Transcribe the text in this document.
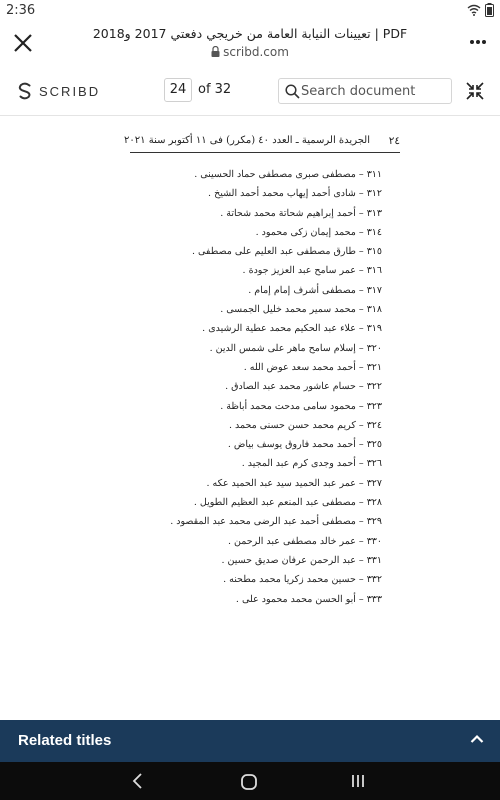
2:36
تعيينات النيابة العامة من خريجي دفعتي 2017 و2018 | PDF
scribd.com
SCRIBD	24 of 32
Search document
الجريدة الرسمية ـ العدد ٤٠ (مكرر) فى ١١ أكتوبر سنة ٢٠٢١ ٢٤
٣١١ – مصطفى صبرى مصطفى حماد الحسينى .
٣١٢ – شادى أحمد إيهاب محمد أحمد الشيخ .
٣١٣ – أحمد إبراهيم شحاتة محمد شحاتة .
٣١٤ – محمد إيمان زكى محمود .
٣١٥ – طارق مصطفى عبد العليم على مصطفى .
٣١٦ – عمر سامح عبد العزيز جودة .
٣١٧ – مصطفى أشرف إمام إمام .
٣١٨ – محمد سمير محمد خليل الجمسى .
٣١٩ – علاء عبد الحكيم محمد عطية الرشيدى .
٣٢٠ – إسلام سامح ماهر على شمس الدين .
٣٢١ – أحمد محمد سعد عوض الله .
٣٢٢ – حسام عاشور محمد عبد الصادق .
٣٢٣ – محمود سامى مدحت محمد أباظة .
٣٢٤ – كريم محمد حسن حسنى محمد .
٣٢٥ – أحمد محمد فاروق يوسف بياض .
٣٢٦ – أحمد وجدى كرم عبد المجيد .
٣٢٧ – عمر عبد الحميد سيد عبد الحميد عكه .
٣٢٨ – مصطفى عبد المنعم عبد العظيم الطويل .
٣٢٩ – مصطفى أحمد عبد الرضى محمد عبد المقصود .
٣٣٠ – عمر خالد مصطفى عبد الرحمن .
٣٣١ – عبد الرحمن عرفان صديق حسين .
٣٣٢ – حسين محمد زكريا محمد مطحنه .
٣٣٣ – أبو الحسن محمد محمود على .
Related titles
